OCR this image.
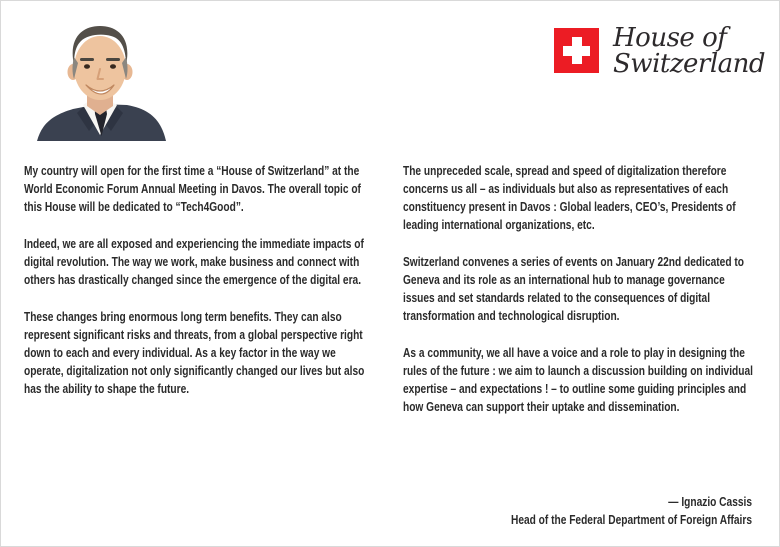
House of
Switzerland

My country will open for the first time a “House of Switzerland” at the World Economic Forum Annual Meeting in Davos. The overall topic of this House will be dedicated to “Tech4Good”.

Indeed, we are all exposed and experiencing the immediate impacts of digital revolution. The way we work, make business and connect with others has drastically changed since the emergence of the digital era.

These changes bring enormous long term benefits. They can also represent significant risks and threats, from a global perspective right down to each and every individual. As a key factor in the way we operate, digitalization not only significantly changed our lives but also has the ability to shape the future.

The unpreceded scale, spread and speed of digitalization therefore concerns us all – as individuals but also as representatives of each constituency present in Davos : Global leaders, CEO’s, Presidents of leading international organizations, etc.

Switzerland convenes a series of events on January 22nd dedicated to Geneva and its role as an international hub to manage governance issues and set standards related to the consequences of digital transformation and technological disruption.

As a community, we all have a voice and a role to play in designing the rules of the future : we aim to launch a discussion building on individual expertise – and expectations ! – to outline some guiding principles and how Geneva can support their uptake and dissemination.

— Ignazio Cassis
Head of the Federal Department of Foreign Affairs
